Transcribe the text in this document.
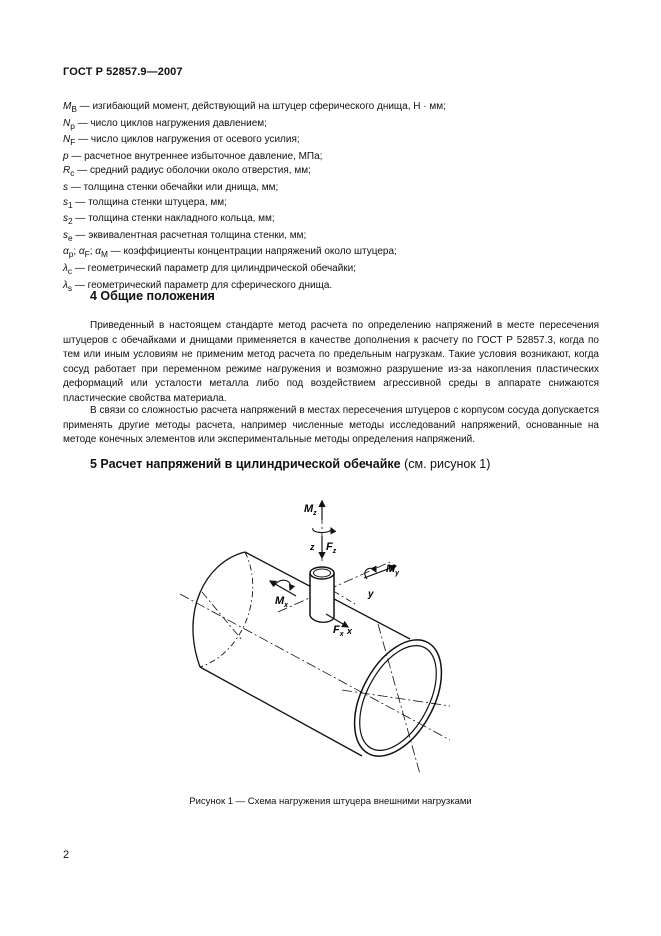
ГОСТ Р 52857.9—2007
$M_B$ — изгибающий момент, действующий на штуцер сферического днища, Н · мм;
$N_p$ — число циклов нагружения давлением;
$N_F$ — число циклов нагружения от осевого усилия;
p — расчетное внутреннее избыточное давление, МПа;
$R_c$ — средний радиус оболочки около отверстия, мм;
s — толщина стенки обечайки или днища, мм;
$s_1$ — толщина стенки штуцера, мм;
$s_2$ — толщина стенки накладного кольца, мм;
$s_e$ — эквивалентная расчетная толщина стенки, мм;
$\alpha_p$; $\alpha_F$; $\alpha_M$ — коэффициенты концентрации напряжений около штуцера;
$\lambda_c$ — геометрический параметр для цилиндрической обечайки;
$\lambda_s$ — геометрический параметр для сферического днища.
4 Общие положения
Приведенный в настоящем стандарте метод расчета по определению напряжений в месте пересечения штуцеров с обечайками и днищами применяется в качестве дополнения к расчету по ГОСТ Р 52857.3, когда по тем или иным условиям не применим метод расчета по предельным нагрузкам. Такие условия возникают, когда сосуд работает при переменном режиме нагружения и возможно разрушение из-за накопления пластических деформаций или усталости металла либо под воздействием агрессивной среды в аппарате снижаются пластические свойства материала.
В связи со сложностью расчета напряжений в местах пересечения штуцеров с корпусом сосуда допускается применять другие методы расчета, например численные методы исследований напряжений, основанные на методе конечных элементов или экспериментальные методы определения напряжений.
5 Расчет напряжений в цилиндрической обечайке (см. рисунок 1)
$M_z$
z $F_z$
$M_y$
y
$M_x$
$F_x$ x
Рисунок 1 — Схема нагружения штуцера внешними нагрузками
2
